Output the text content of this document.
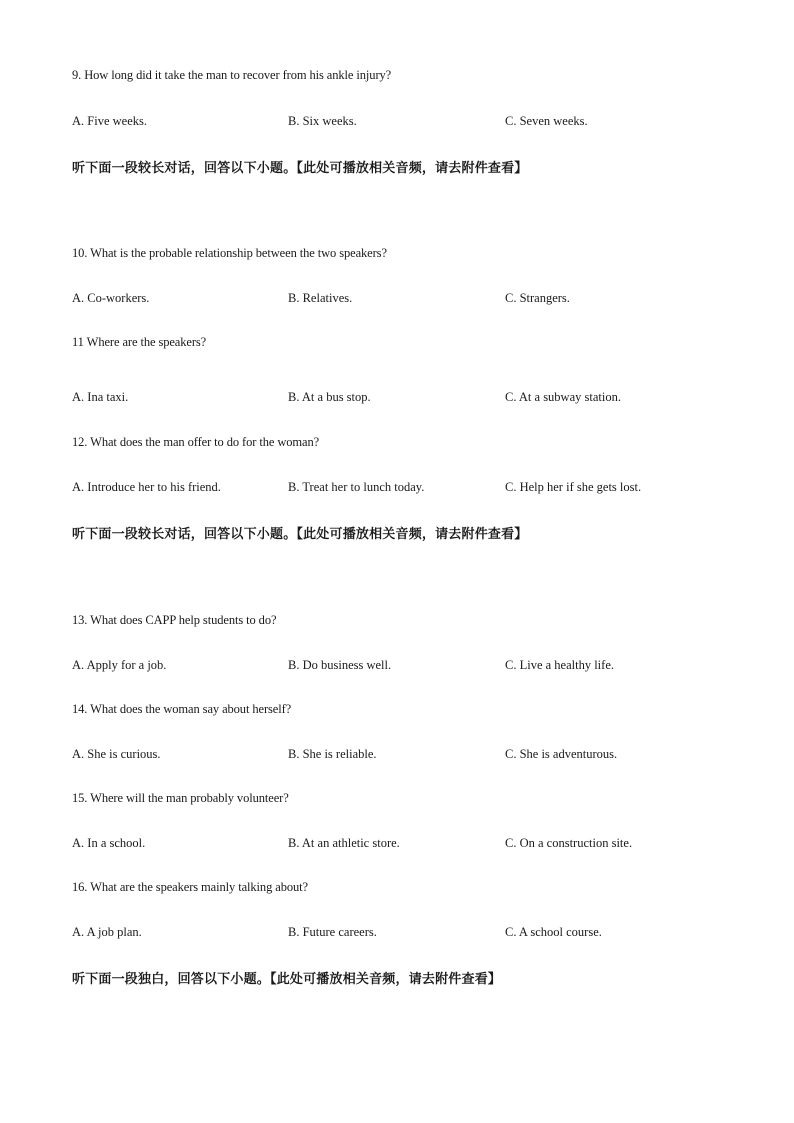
9. How long did it take the man to recover from his ankle injury?
A. Five weeks.	B. Six weeks.	C. Seven weeks.
听下面一段较长对话，回答以下小题。【此处可播放相关音频，请去附件查看】
10. What is the probable relationship between the two speakers?
A. Co-workers.	B. Relatives.	C. Strangers.
11 Where are the speakers?
A. Ina taxi.	B. At a bus stop.	C. At a subway station.
12. What does the man offer to do for the woman?
A. Introduce her to his friend.	B. Treat her to lunch today.	C. Help her if she gets lost.
听下面一段较长对话，回答以下小题。【此处可播放相关音频，请去附件查看】
13. What does CAPP help students to do?
A. Apply for a job.	B. Do business well.	C. Live a healthy life.
14. What does the woman say about herself?
A. She is curious.	B. She is reliable.	C. She is adventurous.
15. Where will the man probably volunteer?
A. In a school.	B. At an athletic store.	C. On a construction site.
16. What are the speakers mainly talking about?
A. A job plan.	B. Future careers.	C. A school course.
听下面一段独白，回答以下小题。【此处可播放相关音频，请去附件查看】
